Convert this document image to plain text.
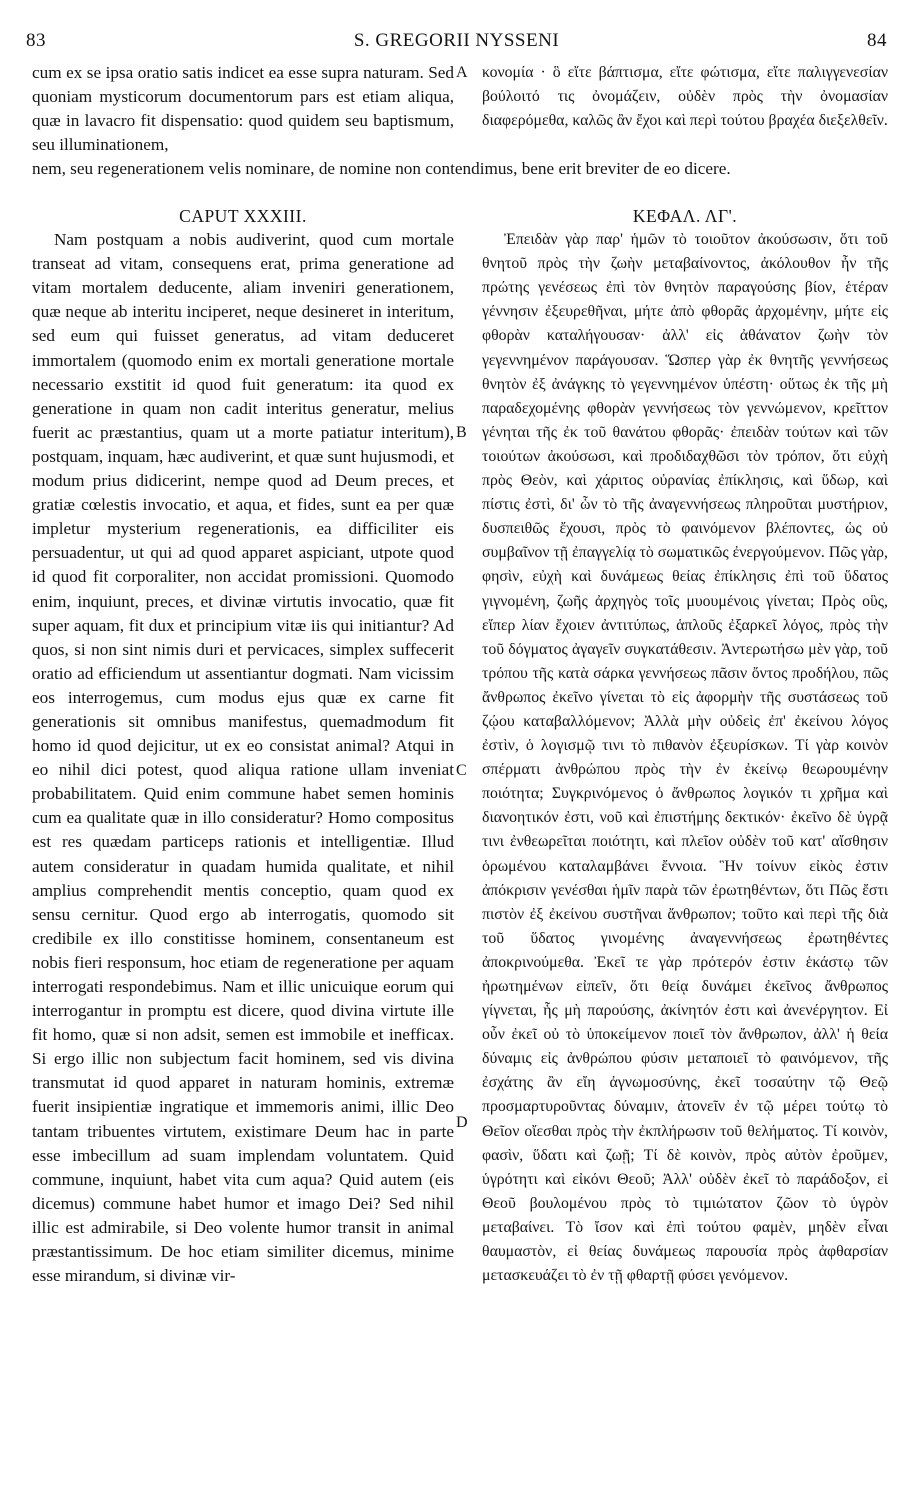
83	S. GREGORII NYSSENI	84

cum ex se ipsa oratio satis indicet ea esse supra naturam. Sed quoniam mysticorum documentorum pars est etiam aliqua, quæ in lavacro fit dispensatio: quod quidem seu baptismum, seu illuminationem,

κονομία · ὃ εἴτε βάπτισμα, εἴτε φώτισμα, εἴτε παλιγγενεσίαν βούλοιτό τις ὀνομάζειν, οὐδὲν πρὸς τὴν ὀνομασίαν διαφερόμεθα, καλῶς ἂν ἔχοι καὶ περὶ τούτου βραχέα διεξελθεῖν.

nem, seu regenerationem velis nominare, de nomine non contendimus, bene erit breviter de eo dicere.

CAPUT XXXIII.

Nam postquam a nobis audiverint, quod cum mortale transeat ad vitam, consequens erat, prima generatione ad vitam mortalem deducente, aliam inveniri generationem, quæ neque ab interitu inciperet, neque desineret in interitum, sed eum qui fuisset generatus, ad vitam deduceret immortalem (quomodo enim ex mortali generatione mortale necessario exstitit id quod fuit generatum: ita quod ex generatione in quam non cadit interitus generatur, melius fuerit ac præstantius, quam ut a morte patiatur interitum), postquam, inquam, hæc audiverint, et quæ sunt hujusmodi, et modum prius didicerint, nempe quod ad Deum preces, et gratiæ cœlestis invocatio, et aqua, et fides, sunt ea per quæ impletur mysterium regenerationis, ea difficiliter eis persuadentur, ut qui ad quod apparet aspiciant, utpote quod id quod fit corporaliter, non accidat promissioni. Quomodo enim, inquiunt, preces, et divinæ virtutis invocatio, quæ fit super aquam, fit dux et principium vitæ iis qui initiantur? Ad quos, si non sint nimis duri et pervicaces, simplex suffecerit oratio ad efficiendum ut assentiantur dogmati. Nam vicissim eos interrogemus, cum modus ejus quæ ex carne fit generationis sit omnibus manifestus, quemadmodum fit homo id quod dejicitur, ut ex eo consistat animal? Atqui in eo nihil dici potest, quod aliqua ratione ullam inveniat probabilitatem. Quid enim commune habet semen hominis cum ea qualitate quæ in illo consideratur? Homo compositus est res quædam particeps rationis et intelligentiæ. Illud autem consideratur in quadam humida qualitate, et nihil amplius comprehendit mentis conceptio, quam quod ex sensu cernitur. Quod ergo ab interrogatis, quomodo sit credibile ex illo constitisse hominem, consentaneum est nobis fieri responsum, hoc etiam de regeneratione per aquam interrogati respondebimus. Nam et illic unicuique eorum qui interrogantur in promptu est dicere, quod divina virtute ille fit homo, quæ si non adsit, semen est immobile et inefficax. Si ergo illic non subjectum facit hominem, sed vis divina transmutat id quod apparet in naturam hominis, extremæ fuerit insipientiæ ingratique et immemoris animi, illic Deo tantam tribuentes virtutem, existimare Deum hac in parte esse imbecillum ad suam implendam voluntatem. Quid commune, inquiunt, habet vita cum aqua? Quid autem (eis dicemus) commune habet humor et imago Dei? Sed nihil illic est admirabile, si Deo volente humor transit in animal præstantissimum. De hoc etiam similiter dicemus, minime esse mirandum, si divinæ vir-

ΚΕΦΑΛ. ΛΓ'.

Ἐπειδὰν γὰρ παρ' ἡμῶν τὸ τοιοῦτον ἀκούσωσιν, ὅτι τοῦ θνητοῦ πρὸς τὴν ζωὴν μεταβαίνοντος, ἀκόλουθον ἦν τῆς πρώτης γενέσεως ἐπὶ τὸν θνητὸν παραγούσης βίον, ἑτέραν γέννησιν ἐξευρεθῆναι, μήτε ἀπὸ φθορᾶς ἀρχομένην, μήτε εἰς φθορὰν καταλήγουσαν· ἀλλ' εἰς ἀθάνατον ζωὴν τὸν γεγεννημένον παράγουσαν. Ὥσπερ γὰρ ἐκ θνητῆς γεννήσεως θνητὸν ἐξ ἀνάγκης τὸ γεγεννημένον ὑπέστη· οὕτως ἐκ τῆς μὴ παραδεχομένης φθορὰν γεννήσεως τὸν γεννώμενον, κρεῖττον γένηται τῆς ἐκ τοῦ θανάτου φθορᾶς· ἐπειδὰν τούτων καὶ τῶν τοιούτων ἀκούσωσι, καὶ προδιδαχθῶσι τὸν τρόπον, ὅτι εὐχὴ πρὸς Θεὸν, καὶ χάριτος οὐρανίας ἐπίκλησις, καὶ ὕδωρ, καὶ πίστις ἐστὶ, δι' ὧν τὸ τῆς ἀναγεννήσεως πληροῦται μυστήριον, δυσπειθῶς ἔχουσι, πρὸς τὸ φαινόμενον βλέποντες, ὡς οὐ συμβαῖνον τῇ ἐπαγγελίᾳ τὸ σωματικῶς ἐνεργούμενον. Πῶς γὰρ, φησὶν, εὐχὴ καὶ δυνάμεως θείας ἐπίκλησις ἐπὶ τοῦ ὕδατος γιγνομένη, ζωῆς ἀρχηγὸς τοῖς μυουμένοις γίνεται; Πρὸς οὓς, εἴπερ λίαν ἔχοιεν ἀντιτύπως, ἁπλοῦς ἐξαρκεῖ λόγος, πρὸς τὴν τοῦ δόγματος ἀγαγεῖν συγκατάθεσιν. Ἀντερωτήσω μὲν γὰρ, τοῦ τρόπου τῆς κατὰ σάρκα γεννήσεως πᾶσιν ὄντος προδήλου, πῶς ἄνθρωπος ἐκεῖνο γίνεται τὸ εἰς ἀφορμὴν τῆς συστάσεως τοῦ ζῴου καταβαλλόμενον; Ἀλλὰ μὴν οὐδεὶς ἐπ' ἐκείνου λόγος ἐστὶν, ὁ λογισμῷ τινι τὸ πιθανὸν ἐξευρίσκων. Τί γὰρ κοινὸν σπέρματι ἀνθρώπου πρὸς τὴν ἐν ἐκείνῳ θεωρουμένην ποιότητα; Συγκρινόμενος ὁ ἄνθρωπος λογικόν τι χρῆμα καὶ διανοητικόν ἐστι, νοῦ καὶ ἐπιστήμης δεκτικόν· ἐκεῖνο δὲ ὑγρᾷ τινι ἐνθεωρεῖται ποιότητι, καὶ πλεῖον οὐδὲν τοῦ κατ' αἴσθησιν ὁρωμένου καταλαμβάνει ἔννοια. Ἣν τοίνυν εἰκὸς ἐστιν ἀπόκρισιν γενέσθαι ἡμῖν παρὰ τῶν ἐρωτηθέντων, ὅτι Πῶς ἔστι πιστὸν ἐξ ἐκείνου συστῆναι ἄνθρωπον; τοῦτο καὶ περὶ τῆς διὰ τοῦ ὕδατος γινομένης ἀναγεννήσεως ἐρωτηθέντες ἀποκρινούμεθα. Ἐκεῖ τε γὰρ πρότερόν ἐστιν ἑκάστῳ τῶν ἠρωτημένων εἰπεῖν, ὅτι θείᾳ δυνάμει ἐκεῖνος ἄνθρωπος γίγνεται, ἧς μὴ παρούσης, ἀκίνητόν ἐστι καὶ ἀνενέργητον. Εἰ οὖν ἐκεῖ οὐ τὸ ὑποκείμενον ποιεῖ τὸν ἄνθρωπον, ἀλλ' ἡ θεία δύναμις εἰς ἀνθρώπου φύσιν μεταποιεῖ τὸ φαινόμενον, τῆς ἐσχάτης ἂν εἴη ἀγνωμοσύνης, ἐκεῖ τοσαύτην τῷ Θεῷ προσμαρτυροῦντας δύναμιν, ἀτονεῖν ἐν τῷ μέρει τούτῳ τὸ Θεῖον οἴεσθαι πρὸς τὴν ἐκπλήρωσιν τοῦ θελήματος. Τί κοινὸν, φασὶν, ὕδατι καὶ ζωῇ; Τί δὲ κοινὸν, πρὸς αὐτὸν ἐροῦμεν, ὑγρότητι καὶ εἰκόνι Θεοῦ; Ἀλλ' οὐδὲν ἐκεῖ τὸ παράδοξον, εἰ Θεοῦ βουλομένου πρὸς τὸ τιμιώτατον ζῶον τὸ ὑγρὸν μεταβαίνει. Τὸ ἴσον καὶ ἐπὶ τούτου φαμὲν, μηδὲν εἶναι θαυμαστὸν, εἰ θείας δυνάμεως παρουσία πρὸς ἀφθαρσίαν μετασκευάζει τὸ ἐν τῇ φθαρτῇ φύσει γενόμενον.

A
B
C
D
